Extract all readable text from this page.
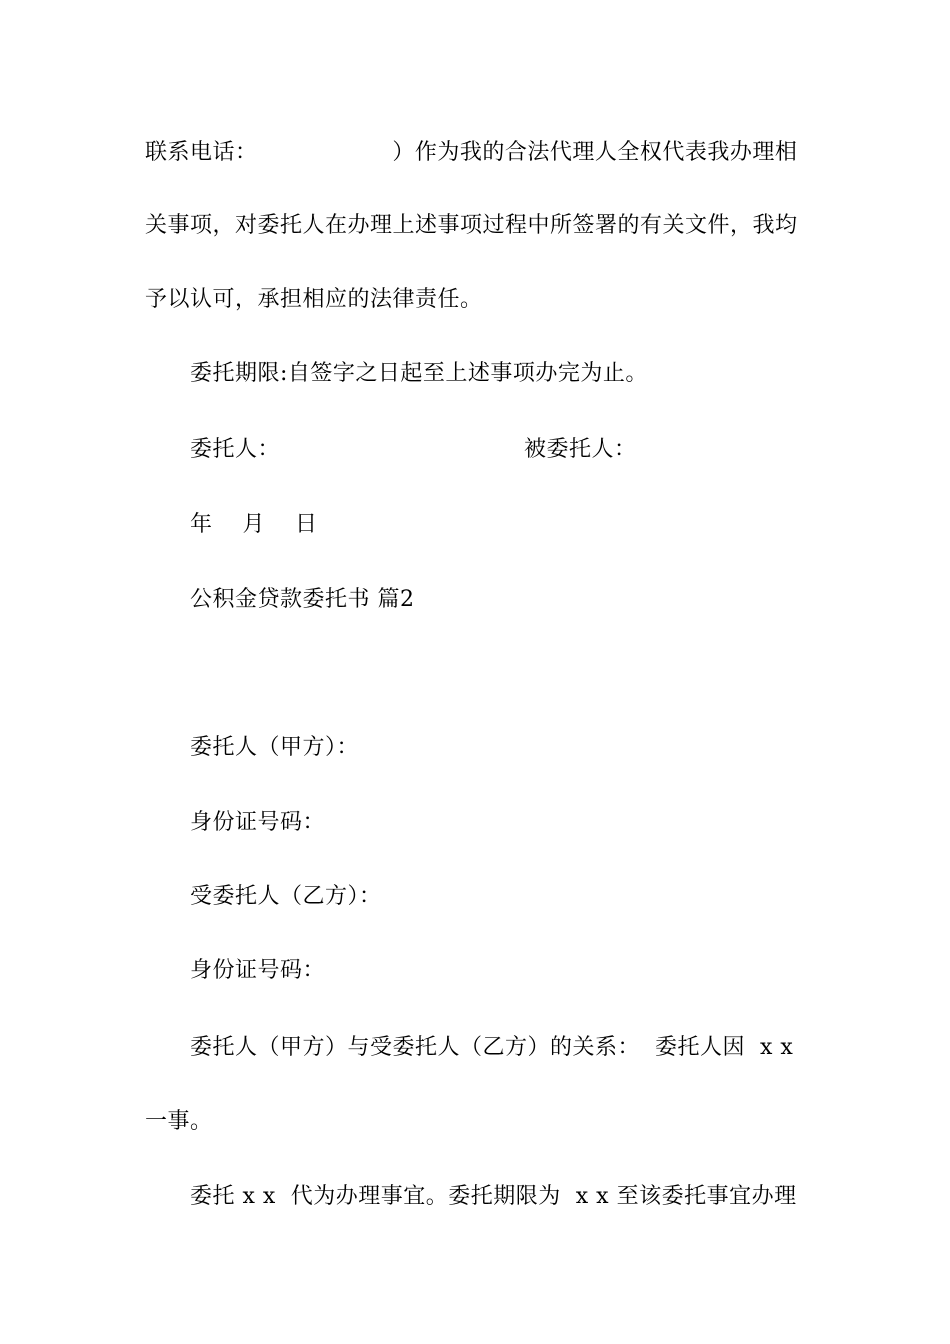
联系电话：                  ）作为我的合法代理人全权代表我办理相
关事项，对委托人在办理上述事项过程中所签署的有关文件，我均
予以认可，承担相应的法律责任。
委托期限:自签字之日起至上述事项办完为止。
委托人：	被委托人：
年    月    日
公积金贷款委托书 篇2
委托人（甲方）：
身份证号码：
受委托人（乙方）：
身份证号码：
委托人（甲方）与受委托人（乙方）的关系：  委托人因  x x
一事。
委托 x x  代为办理事宜。委托期限为  x x 至该委托事宜办理
